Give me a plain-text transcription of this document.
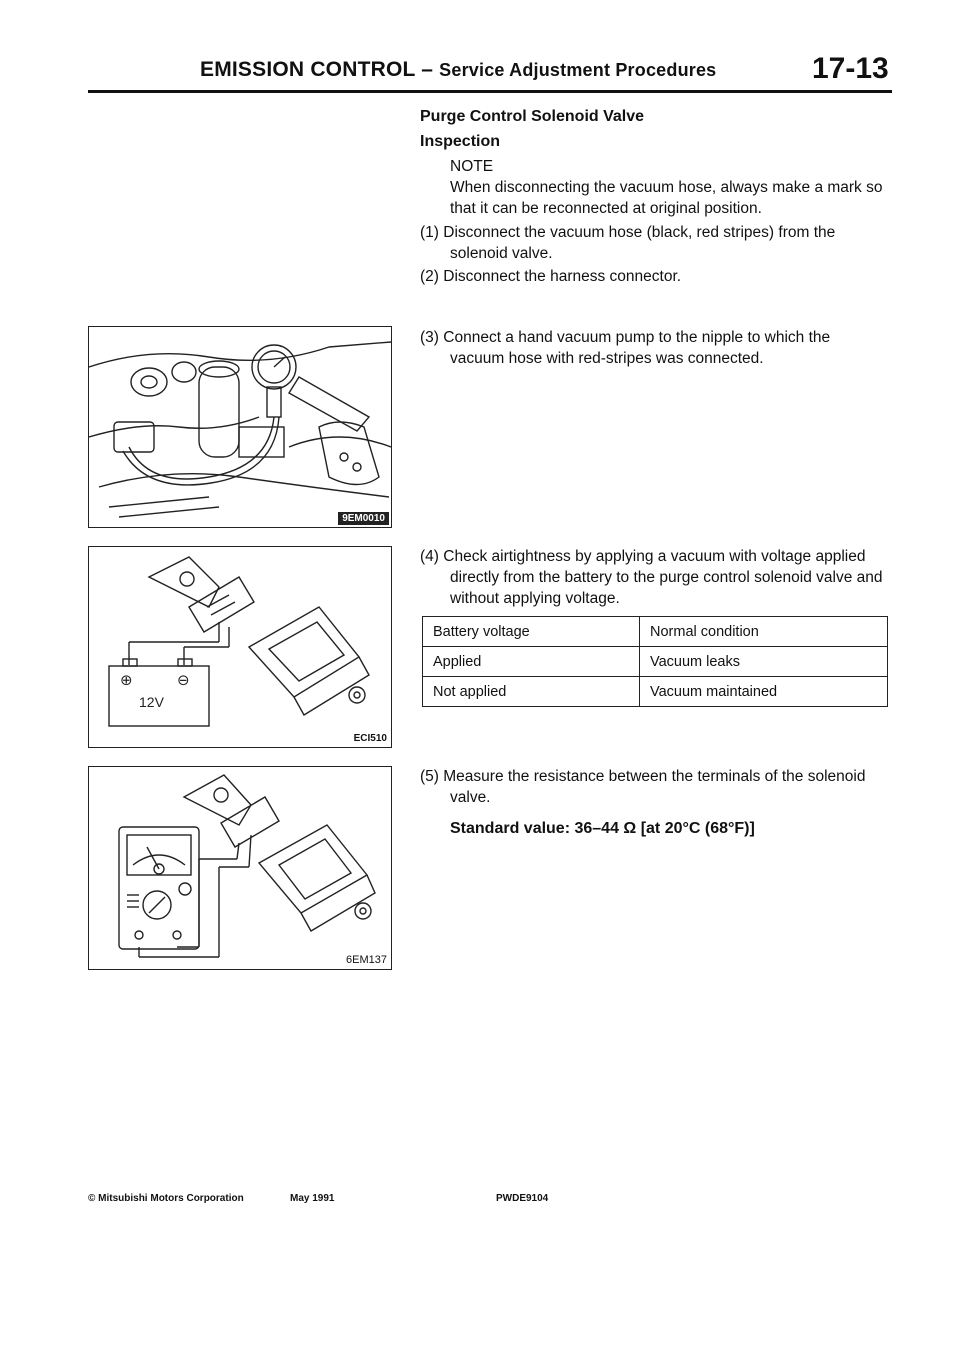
EMISSION CONTROL – Service Adjustment Procedures	17-13
Purge Control Solenoid Valve
Inspection
NOTE
When disconnecting the vacuum hose, always make a mark so that it can be reconnected at original position.
(1) Disconnect the vacuum hose (black, red stripes) from the solenoid valve.
(2) Disconnect the harness connector.
(3) Connect a hand vacuum pump to the nipple to which the vacuum hose with red-stripes was connected.
(4) Check airtightness by applying a vacuum with voltage applied directly from the battery to the purge control solenoid valve and without applying voltage.
Battery voltage	Normal condition
Applied	Vacuum leaks
Not applied	Vacuum maintained
(5) Measure the resistance between the terminals of the solenoid valve.
Standard value: 36–44 Ω [at 20°C (68°F)]
9EM0010
⊕	⊖
12V
ECI510
6EM137
© Mitsubishi Motors Corporation	May 1991	PWDE9104
